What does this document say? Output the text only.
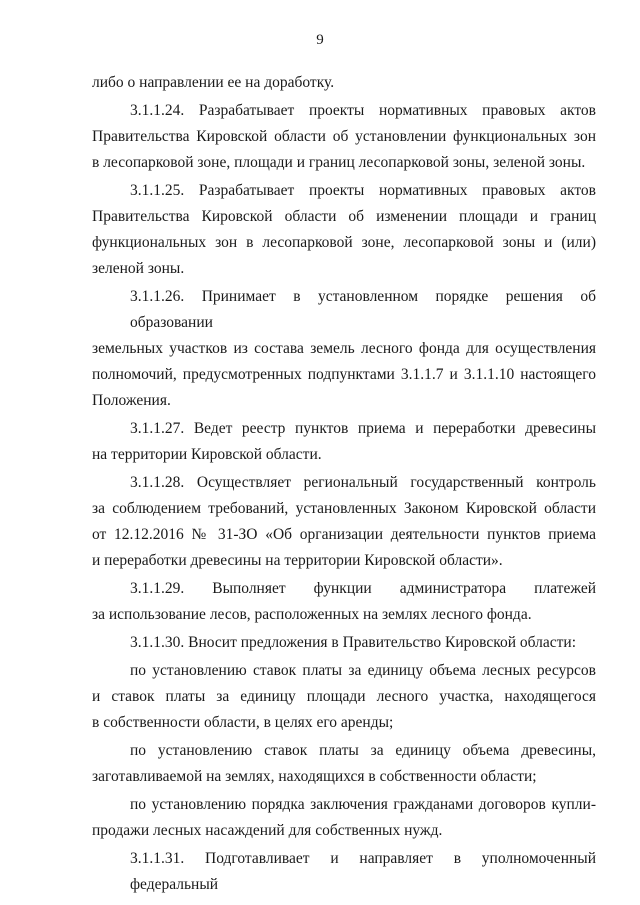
9
либо о направлении ее на доработку.
3.1.1.24. Разрабатывает проекты нормативных правовых актов
Правительства Кировской области об установлении функциональных зон
в лесопарковой зоне, площади и границ лесопарковой зоны, зеленой зоны.
3.1.1.25. Разрабатывает проекты нормативных правовых актов
Правительства Кировской области об изменении площади и границ
функциональных зон в лесопарковой зоне, лесопарковой зоны и (или)
зеленой зоны.
3.1.1.26. Принимает в установленном порядке решения об образовании
земельных участков из состава земель лесного фонда для осуществления
полномочий, предусмотренных подпунктами 3.1.1.7 и 3.1.1.10 настоящего
Положения.
3.1.1.27. Ведет реестр пунктов приема и переработки древесины
на территории Кировской области.
3.1.1.28. Осуществляет региональный государственный контроль
за соблюдением требований, установленных Законом Кировской области
от 12.12.2016 № 31-ЗО «Об организации деятельности пунктов приема
и переработки древесины на территории Кировской области».
3.1.1.29. Выполняет функции администратора платежей
за использование лесов, расположенных на землях лесного фонда.
3.1.1.30. Вносит предложения в Правительство Кировской области:
по установлению ставок платы за единицу объема лесных ресурсов
и ставок платы за единицу площади лесного участка, находящегося
в собственности области, в целях его аренды;
по установлению ставок платы за единицу объема древесины,
заготавливаемой на землях, находящихся в собственности области;
по установлению порядка заключения гражданами договоров купли-
продажи лесных насаждений для собственных нужд.
3.1.1.31. Подготавливает и направляет в уполномоченный федеральный
